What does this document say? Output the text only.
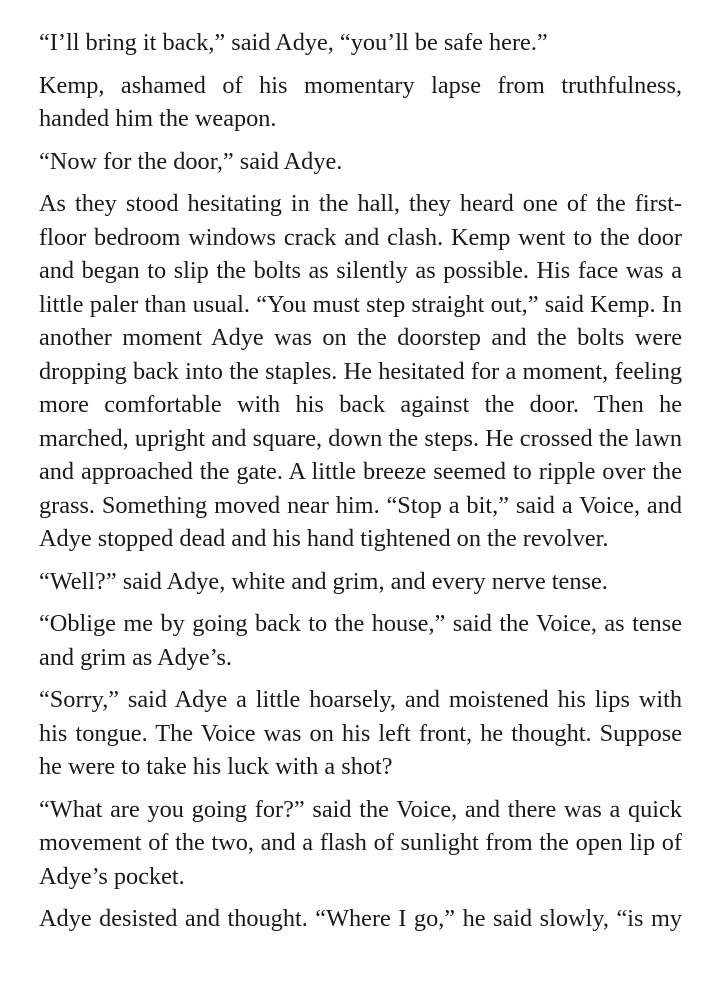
“I’ll bring it back,” said Adye, “you’ll be safe here.”

Kemp, ashamed of his momentary lapse from truthfulness, handed him the weapon.

“Now for the door,” said Adye.

As they stood hesitating in the hall, they heard one of the first-floor bedroom windows crack and clash. Kemp went to the door and began to slip the bolts as silently as possible. His face was a little paler than usual. “You must step straight out,” said Kemp. In another moment Adye was on the doorstep and the bolts were dropping back into the staples. He hesitated for a moment, feeling more comfortable with his back against the door. Then he marched, upright and square, down the steps. He crossed the lawn and approached the gate. A little breeze seemed to ripple over the grass. Something moved near him. “Stop a bit,” said a Voice, and Adye stopped dead and his hand tightened on the revolver.

“Well?” said Adye, white and grim, and every nerve tense.

“Oblige me by going back to the house,” said the Voice, as tense and grim as Adye’s.

“Sorry,” said Adye a little hoarsely, and moistened his lips with his tongue. The Voice was on his left front, he thought. Suppose he were to take his luck with a shot?

“What are you going for?” said the Voice, and there was a quick movement of the two, and a flash of sunlight from the open lip of Adye’s pocket.

Adye desisted and thought. “Where I go,” he said slowly, “is my
